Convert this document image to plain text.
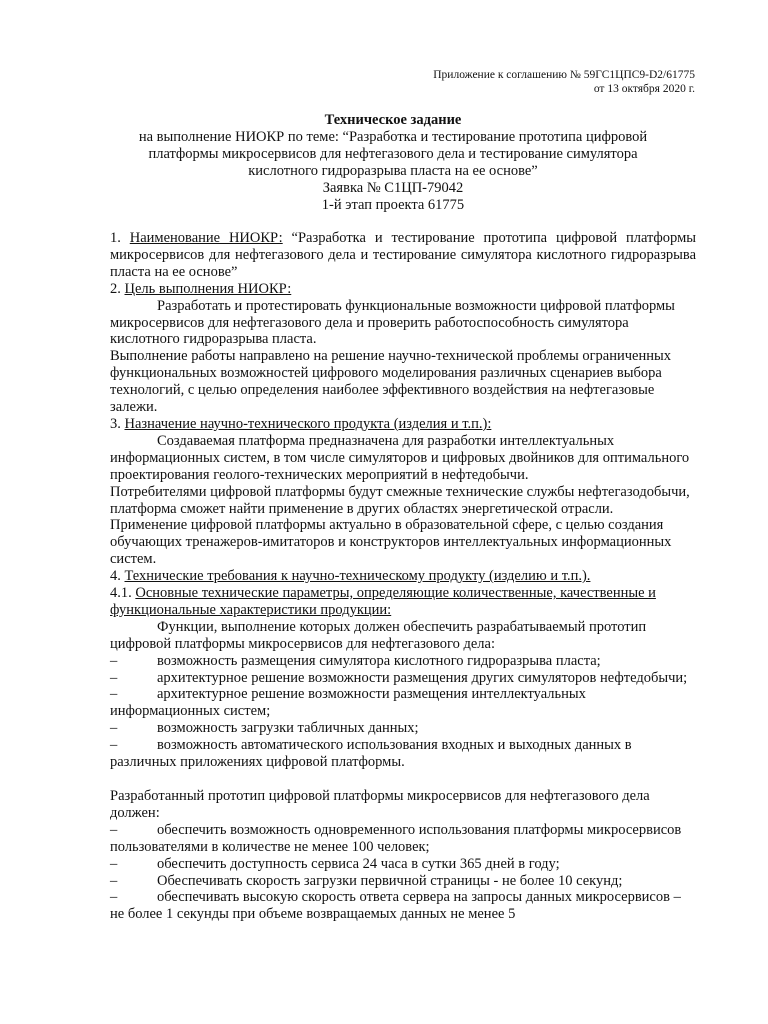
Приложение к соглашению № 59ГС1ЦПС9-D2/61775
от 13 октября 2020 г.
Техническое задание
на выполнение НИОКР по теме: “Разработка и тестирование прототипа цифровой
платформы микросервисов для нефтегазового дела и тестирование симулятора
кислотного гидроразрыва пласта на ее основе”
Заявка № С1ЦП-79042
1-й этап проекта 61775

1. Наименование НИОКР: “Разработка и тестирование прототипа цифровой платформы микросервисов для нефтегазового дела и тестирование симулятора кислотного гидроразрыва пласта на ее основе”

2. Цель выполнения НИОКР:

Разработать и протестировать функциональные возможности цифровой платформы микросервисов для нефтегазового дела и проверить работоспособность симулятора кислотного гидроразрыва пласта.

Выполнение работы направлено на решение научно-технической проблемы ограниченных функциональных возможностей цифрового моделирования различных сценариев выбора технологий, с целью определения наиболее эффективного воздействия на нефтегазовые залежи.

3. Назначение научно-технического продукта (изделия и т.п.):

Создаваемая платформа предназначена для разработки интеллектуальных информационных систем, в том числе симуляторов и цифровых двойников для оптимального проектирования геолого-технических мероприятий в нефтедобычи.

Потребителями цифровой платформы будут смежные технические службы нефтегазодобычи, платформа сможет найти применение в других областях энергетической отрасли.

Применение цифровой платформы актуально в образовательной сфере, с целью создания обучающих тренажеров-имитаторов и конструкторов интеллектуальных информационных систем.

4. Технические требования к научно-техническому продукту (изделию и т.п.).

4.1. Основные технические параметры, определяющие количественные, качественные и функциональные характеристики продукции:

Функции, выполнение которых должен обеспечить разрабатываемый прототип цифровой платформы микросервисов для нефтегазового дела:

–	возможность размещения симулятора кислотного гидроразрыва пласта;

–	архитектурное решение возможности размещения других симуляторов нефтедобычи;

–	архитектурное решение возможности размещения интеллектуальных информационных систем;

–	возможность загрузки табличных данных;

–	возможность автоматического использования входных и выходных данных в различных приложениях цифровой платформы.

Разработанный прототип цифровой платформы микросервисов для нефтегазового дела должен:

–	обеспечить возможность одновременного использования платформы микросервисов пользователями в количестве не менее 100 человек;

–	обеспечить доступность сервиса 24 часа в сутки 365 дней в году;

–	Обеспечивать скорость загрузки первичной страницы - не более 10 секунд;

–	обеспечивать высокую скорость ответа сервера на запросы данных микросервисов – не более 1 секунды при объеме возвращаемых данных не менее 5
